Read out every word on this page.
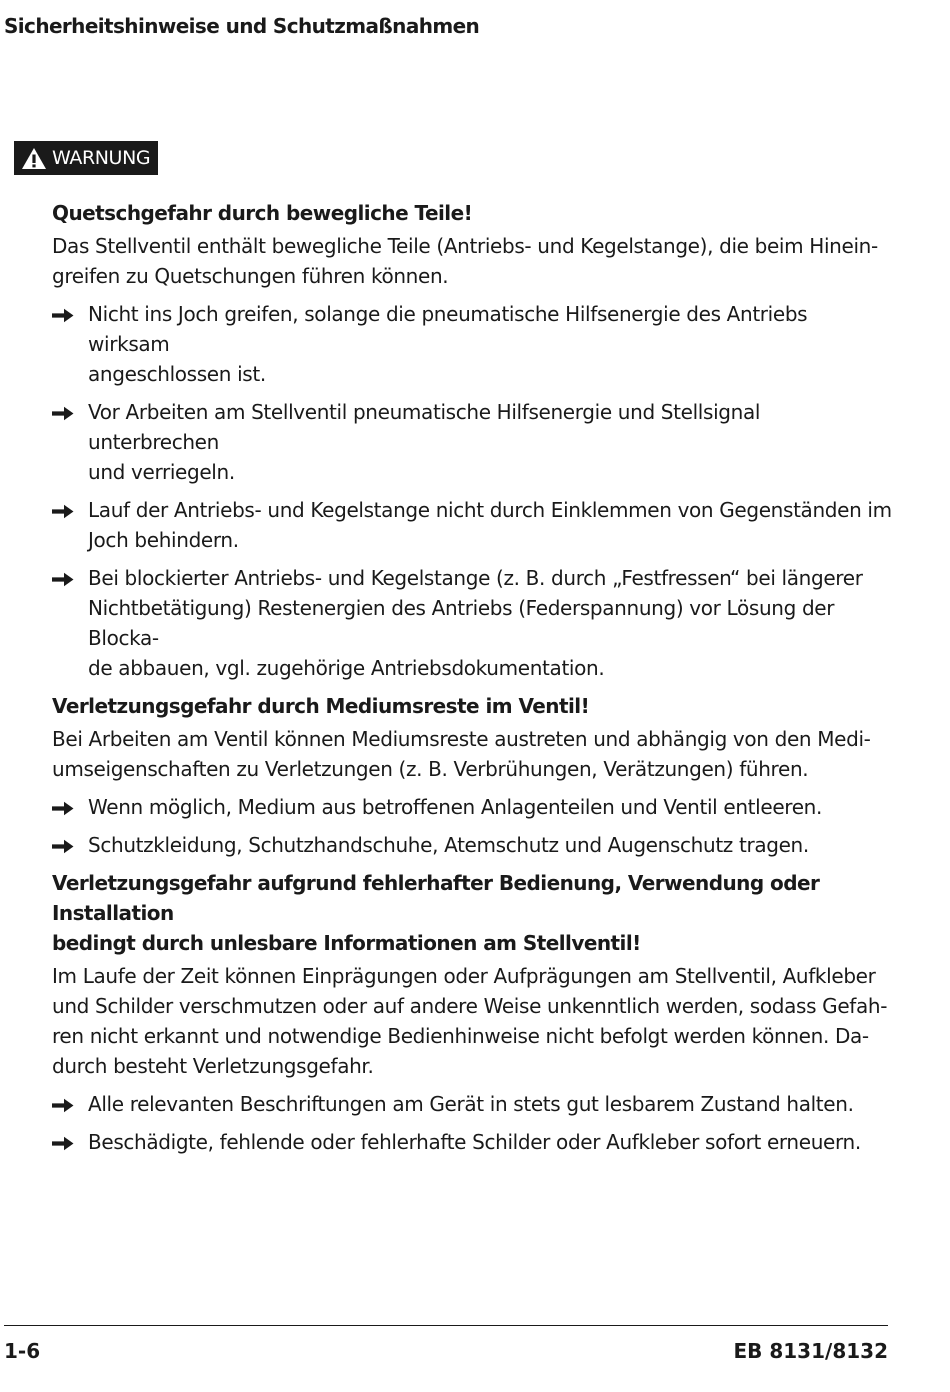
Sicherheitshinweise und Schutzmaßnahmen
WARNUNG

Quetschgefahr durch bewegliche Teile!

Das Stellventil enthält bewegliche Teile (Antriebs- und Kegelstange), die beim Hinein-
greifen zu Quetschungen führen können.

Nicht ins Joch greifen, solange die pneumatische Hilfsenergie des Antriebs wirksam
angeschlossen ist.
Vor Arbeiten am Stellventil pneumatische Hilfsenergie und Stellsignal unterbrechen
und verriegeln.
Lauf der Antriebs- und Kegelstange nicht durch Einklemmen von Gegenständen im
Joch behindern.
Bei blockierter Antriebs- und Kegelstange (z. B. durch „Festfressen“ bei längerer
Nichtbetätigung) Restenergien des Antriebs (Federspannung) vor Lösung der Blocka-
de abbauen, vgl. zugehörige Antriebsdokumentation.

Verletzungsgefahr durch Mediumsreste im Ventil!

Bei Arbeiten am Ventil können Mediumsreste austreten und abhängig von den Medi-
umseigenschaften zu Verletzungen (z. B. Verbrühungen, Verätzungen) führen.

Wenn möglich, Medium aus betroffenen Anlagenteilen und Ventil entleeren.
Schutzkleidung, Schutzhandschuhe, Atemschutz und Augenschutz tragen.

Verletzungsgefahr aufgrund fehlerhafter Bedienung, Verwendung oder Installation
bedingt durch unlesbare Informationen am Stellventil!

Im Laufe der Zeit können Einprägungen oder Aufprägungen am Stellventil, Aufkleber
und Schilder verschmutzen oder auf andere Weise unkenntlich werden, sodass Gefah-
ren nicht erkannt und notwendige Bedienhinweise nicht befolgt werden können. Da-
durch besteht Verletzungsgefahr.

Alle relevanten Beschriftungen am Gerät in stets gut lesbarem Zustand halten.
Beschädigte, fehlende oder fehlerhafte Schilder oder Aufkleber sofort erneuern.
1-6	EB 8131/8132
